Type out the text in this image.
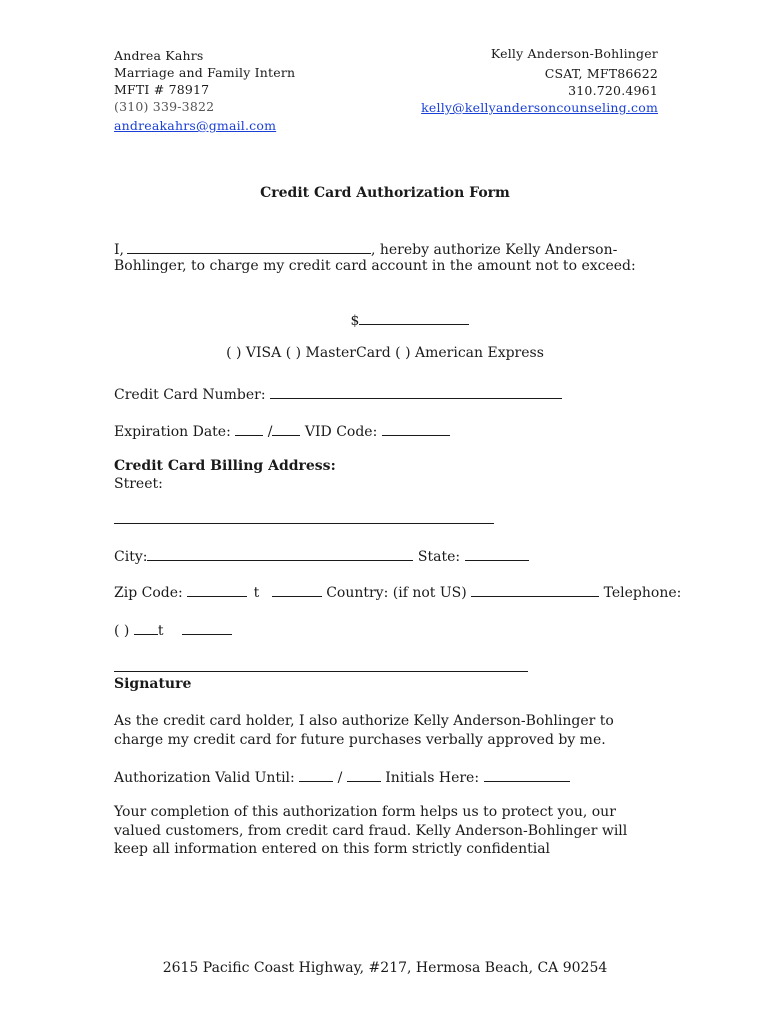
Andrea Kahrs
Marriage and Family Intern
MFTI # 78917
(310) 339-3822
andreakahrs@gmail.com
Kelly Anderson-Bohlinger
CSAT, MFT86622
310.720.4961
kelly@kellyandersoncounseling.com
Credit Card Authorization Form
I,	, hereby authorize Kelly Anderson-
Bohlinger, to charge my credit card account in the amount not to exceed:
$
( ) VISA ( ) MasterCard ( ) American Express
Credit Card Number:
Expiration Date:	/ VID Code:
Credit Card Billing Address:
Street:
City:	State:
Zip Code:	t	Country: (if not US)	Telephone:
( ) t
Signature
As the credit card holder, I also authorize Kelly Anderson-Bohlinger to charge my credit card for future purchases verbally approved by me.
Authorization Valid Until:	/	Initials Here:
Your completion of this authorization form helps us to protect you, our valued customers, from credit card fraud. Kelly Anderson-Bohlinger will keep all information entered on this form strictly confidential
2615 Pacific Coast Highway, #217, Hermosa Beach, CA 90254
